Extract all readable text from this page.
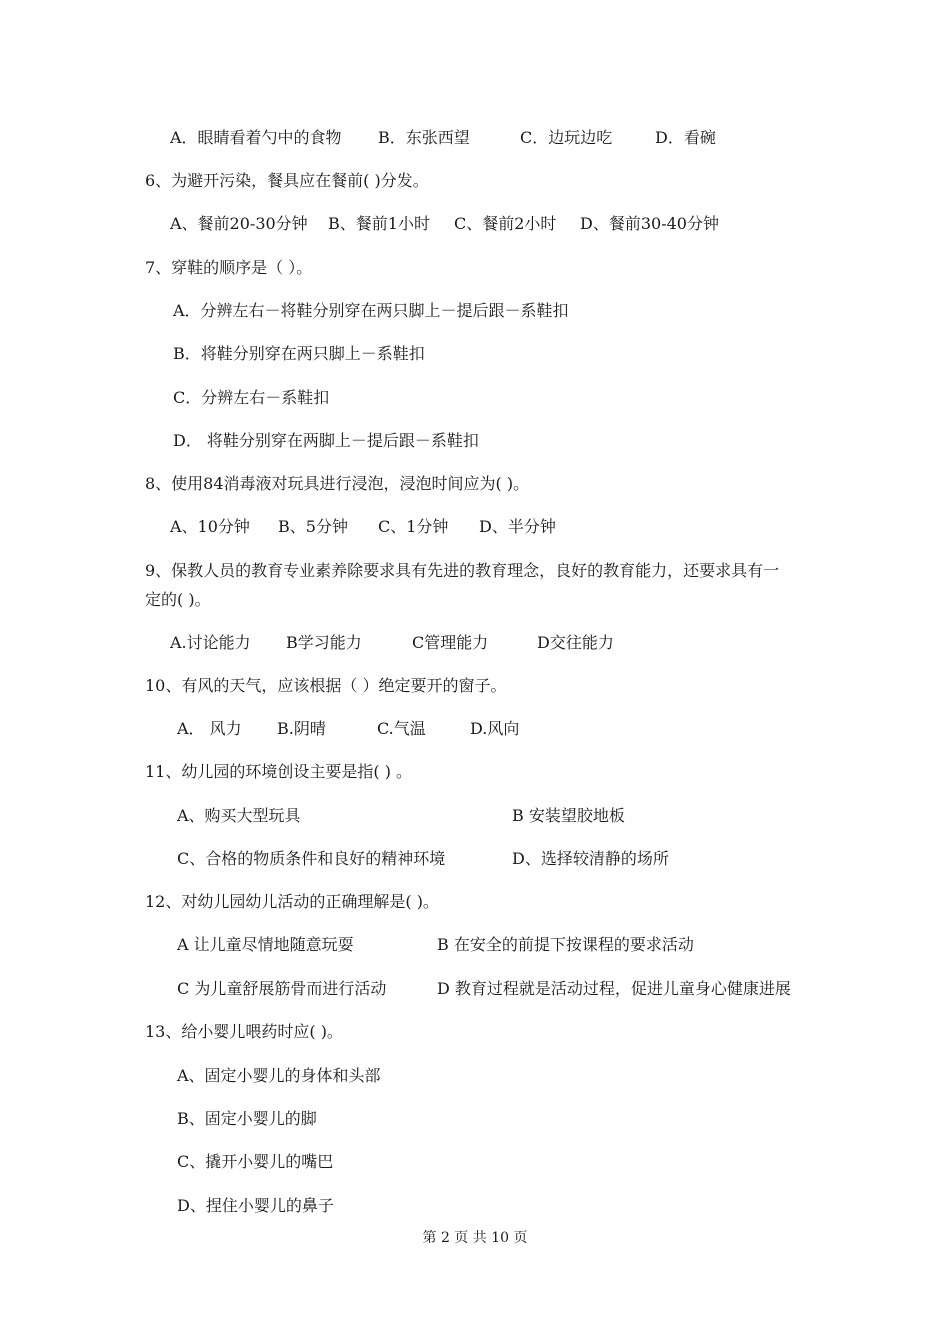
A．眼睛看着勺中的食物 B．东张西望	C．边玩边吃	D．看碗
6、为避开污染，餐具应在餐前( )分发。
A、餐前20-30分钟 B、餐前1小时 C、餐前2小时 D、餐前30-40分钟
7、穿鞋的顺序是（ ）。
A．分辨左右－将鞋分别穿在两只脚上－提后跟－系鞋扣
B．将鞋分别穿在两只脚上－系鞋扣
C．分辨左右－系鞋扣
D． 将鞋分别穿在两脚上－提后跟－系鞋扣
8、使用84消毒液对玩具进行浸泡，浸泡时间应为( )。
A、10分钟 B、5分钟 C、1分钟 D、半分钟
9、保教人员的教育专业素养除要求具有先进的教育理念，良好的教育能力，还要求具有一
定的( )。
A.讨论能力 B学习能力	C管理能力	D交往能力
10、有风的天气，应该根据（ ）绝定要开的窗子。
A． 风力 B.阴晴	C.气温	D.风向
11、幼儿园的环境创设主要是指( ) 。
A、购买大型玩具	B 安装望胶地板
C、合格的物质条件和良好的精神环境	D、选择较清静的场所
12、对幼儿园幼儿活动的正确理解是( )。
A 让儿童尽情地随意玩耍	B 在安全的前提下按课程的要求活动
C 为儿童舒展筋骨而进行活动	D 教育过程就是活动过程，促进儿童身心健康进展
13、给小婴儿喂药时应( )。
A、固定小婴儿的身体和头部
B、固定小婴儿的脚
C、撬开小婴儿的嘴巴
D、捏住小婴儿的鼻子
第 2 页 共 10 页
